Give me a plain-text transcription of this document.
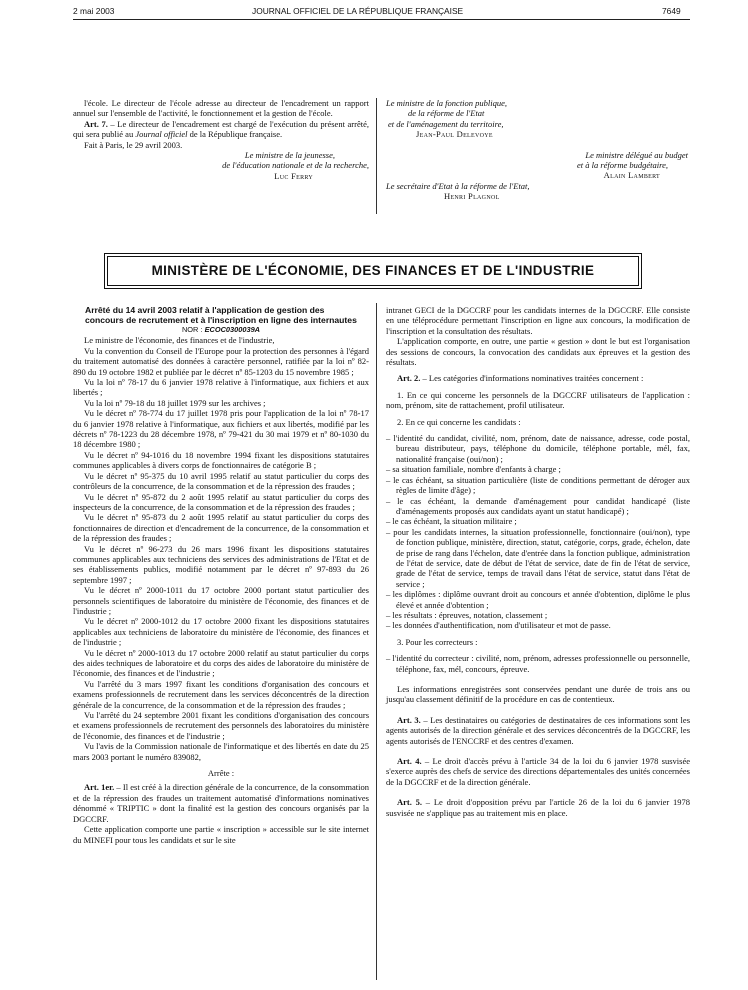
2 mai 2003	JOURNAL OFFICIEL DE LA RÉPUBLIQUE FRANÇAISE	7649

l'école. Le directeur de l'école adresse au directeur de l'encadrement un rapport annuel sur l'ensemble de l'activité, le fonctionnement et la gestion de l'école.

Art. 7. – Le directeur de l'encadrement est chargé de l'exécution du présent arrêté, qui sera publié au Journal officiel de la République française.

Fait à Paris, le 29 avril 2003.

Le ministre de la jeunesse,

de l'éducation nationale et de la recherche,

Luc Ferry

Le ministre de la fonction publique,

de la réforme de l'Etat

et de l'aménagement du territoire,

Jean-Paul Delevoye

Le ministre délégué au budget

et à la réforme budgétaire,

Alain Lambert

Le secrétaire d'Etat à la réforme de l'Etat,

Henri Plagnol

MINISTÈRE DE L'ÉCONOMIE, DES FINANCES ET DE L'INDUSTRIE

Arrêté du 14 avril 2003 relatif à l'application de gestion des concours de recrutement et à l'inscription en ligne des internautes

NOR : ECOC0300039A

Le ministre de l'économie, des finances et de l'industrie,

Vu la convention du Conseil de l'Europe pour la protection des personnes à l'égard du traitement automatisé des données à caractère personnel, ratifiée par la loi nº 82-890 du 19 octobre 1982 et publiée par le décret nº 85-1203 du 15 novembre 1985 ;

Vu la loi nº 78-17 du 6 janvier 1978 relative à l'informatique, aux fichiers et aux libertés ;

Vu la loi nº 79-18 du 18 juillet 1979 sur les archives ;

Vu le décret nº 78-774 du 17 juillet 1978 pris pour l'application de la loi nº 78-17 du 6 janvier 1978 relative à l'informatique, aux fichiers et aux libertés, modifié par les décrets nº 78-1223 du 28 décembre 1978, nº 79-421 du 30 mai 1979 et nº 80-1030 du 18 décembre 1980 ;

Vu le décret nº 94-1016 du 18 novembre 1994 fixant les dispositions statutaires communes applicables à divers corps de fonctionnaires de catégorie B ;

Vu le décret nº 95-375 du 10 avril 1995 relatif au statut particulier du corps des contrôleurs de la concurrence, de la consommation et de la répression des fraudes ;

Vu le décret nº 95-872 du 2 août 1995 relatif au statut particulier du corps des inspecteurs de la concurrence, de la consommation et de la répression des fraudes ;

Vu le décret nº 95-873 du 2 août 1995 relatif au statut particulier du corps des fonctionnaires de direction et d'encadrement de la concurrence, de la consommation et de la répression des fraudes ;

Vu le décret nº 96-273 du 26 mars 1996 fixant les dispositions statutaires communes applicables aux techniciens des services des administrations de l'Etat et de ses établissements publics, modifié notamment par le décret nº 97-893 du 26 septembre 1997 ;

Vu le décret nº 2000-1011 du 17 octobre 2000 portant statut particulier des personnels scientifiques de laboratoire du ministère de l'économie, des finances et de l'industrie ;

Vu le décret nº 2000-1012 du 17 octobre 2000 fixant les dispositions statutaires applicables aux techniciens de laboratoire du ministère de l'économie, des finances et de l'industrie ;

Vu le décret nº 2000-1013 du 17 octobre 2000 relatif au statut particulier du corps des aides techniques de laboratoire et du corps des aides de laboratoire du ministère de l'économie, des finances et de l'industrie ;

Vu l'arrêté du 3 mars 1997 fixant les conditions d'organisation des concours et examens professionnels de recrutement dans les services déconcentrés de la direction générale de la concurrence, de la consommation et de la répression des fraudes ;

Vu l'arrêté du 24 septembre 2001 fixant les conditions d'organisation des concours et examens professionnels de recrutement des personnels des laboratoires du ministère de l'économie, des finances et de l'industrie ;

Vu l'avis de la Commission nationale de l'informatique et des libertés en date du 25 mars 2003 portant le numéro 839082,

Arrête :

Art. 1er. – Il est créé à la direction générale de la concurrence, de la consommation et de la répression des fraudes un traitement automatisé d'informations nominatives dénommé « TRIPTIC » dont la finalité est la gestion des concours organisés par la DGCCRF.

Cette application comporte une partie « inscription » accessible sur le site internet du MINEFI pour tous les candidats et sur le site

intranet GECI de la DGCCRF pour les candidats internes de la DGCCRF. Elle consiste en une téléprocédure permettant l'inscription en ligne aux concours, la modification de l'inscription et la consultation des résultats.

L'application comporte, en outre, une partie « gestion » dont le but est l'organisation des sessions de concours, la convocation des candidats aux épreuves et la gestion des résultats.

Art. 2. – Les catégories d'informations nominatives traitées concernent :

1. En ce qui concerne les personnels de la DGCCRF utilisateurs de l'application : nom, prénom, site de rattachement, profil utilisateur.

2. En ce qui concerne les candidats :

– l'identité du candidat, civilité, nom, prénom, date de naissance, adresse, code postal, bureau distributeur, pays, téléphone du domicile, téléphone portable, mél, fax, nationalité française (oui/non) ;

– sa situation familiale, nombre d'enfants à charge ;

– le cas échéant, sa situation particulière (liste de conditions permettant de déroger aux règles de limite d'âge) ;

– le cas échéant, la demande d'aménagement pour candidat handicapé (liste d'aménagements proposés aux candidats ayant un statut handicapé) ;

– le cas échéant, la situation militaire ;

– pour les candidats internes, la situation professionnelle, fonctionnaire (oui/non), type de fonction publique, ministère, direction, statut, catégorie, corps, grade, échelon, date de prise de rang dans l'échelon, date d'entrée dans la fonction publique, administration de l'état de service, date de début de l'état de service, date de fin de l'état de service, grade de l'état de service, temps de travail dans l'état de service, statut dans l'état de service ;

– les diplômes : diplôme ouvrant droit au concours et année d'obtention, diplôme le plus élevé et année d'obtention ;

– les résultats : épreuves, notation, classement ;

– les données d'authentification, nom d'utilisateur et mot de passe.

3. Pour les correcteurs :

– l'identité du correcteur : civilité, nom, prénom, adresses professionnelle ou personnelle, téléphone, fax, mél, concours, épreuve.

Les informations enregistrées sont conservées pendant une durée de trois ans ou jusqu'au classement définitif de la procédure en cas de contentieux.

Art. 3. – Les destinataires ou catégories de destinataires de ces informations sont les agents autorisés de la direction générale et des services déconcentrés de la DGCCRF, les agents autorisés de l'ENCCRF et des centres d'examen.

Art. 4. – Le droit d'accès prévu à l'article 34 de la loi du 6 janvier 1978 susvisée s'exerce auprès des chefs de service des directions départementales des unités concernées de la DGCCRF et de la direction générale.

Art. 5. – Le droit d'opposition prévu par l'article 26 de la loi du 6 janvier 1978 susvisée ne s'applique pas au traitement mis en place.
